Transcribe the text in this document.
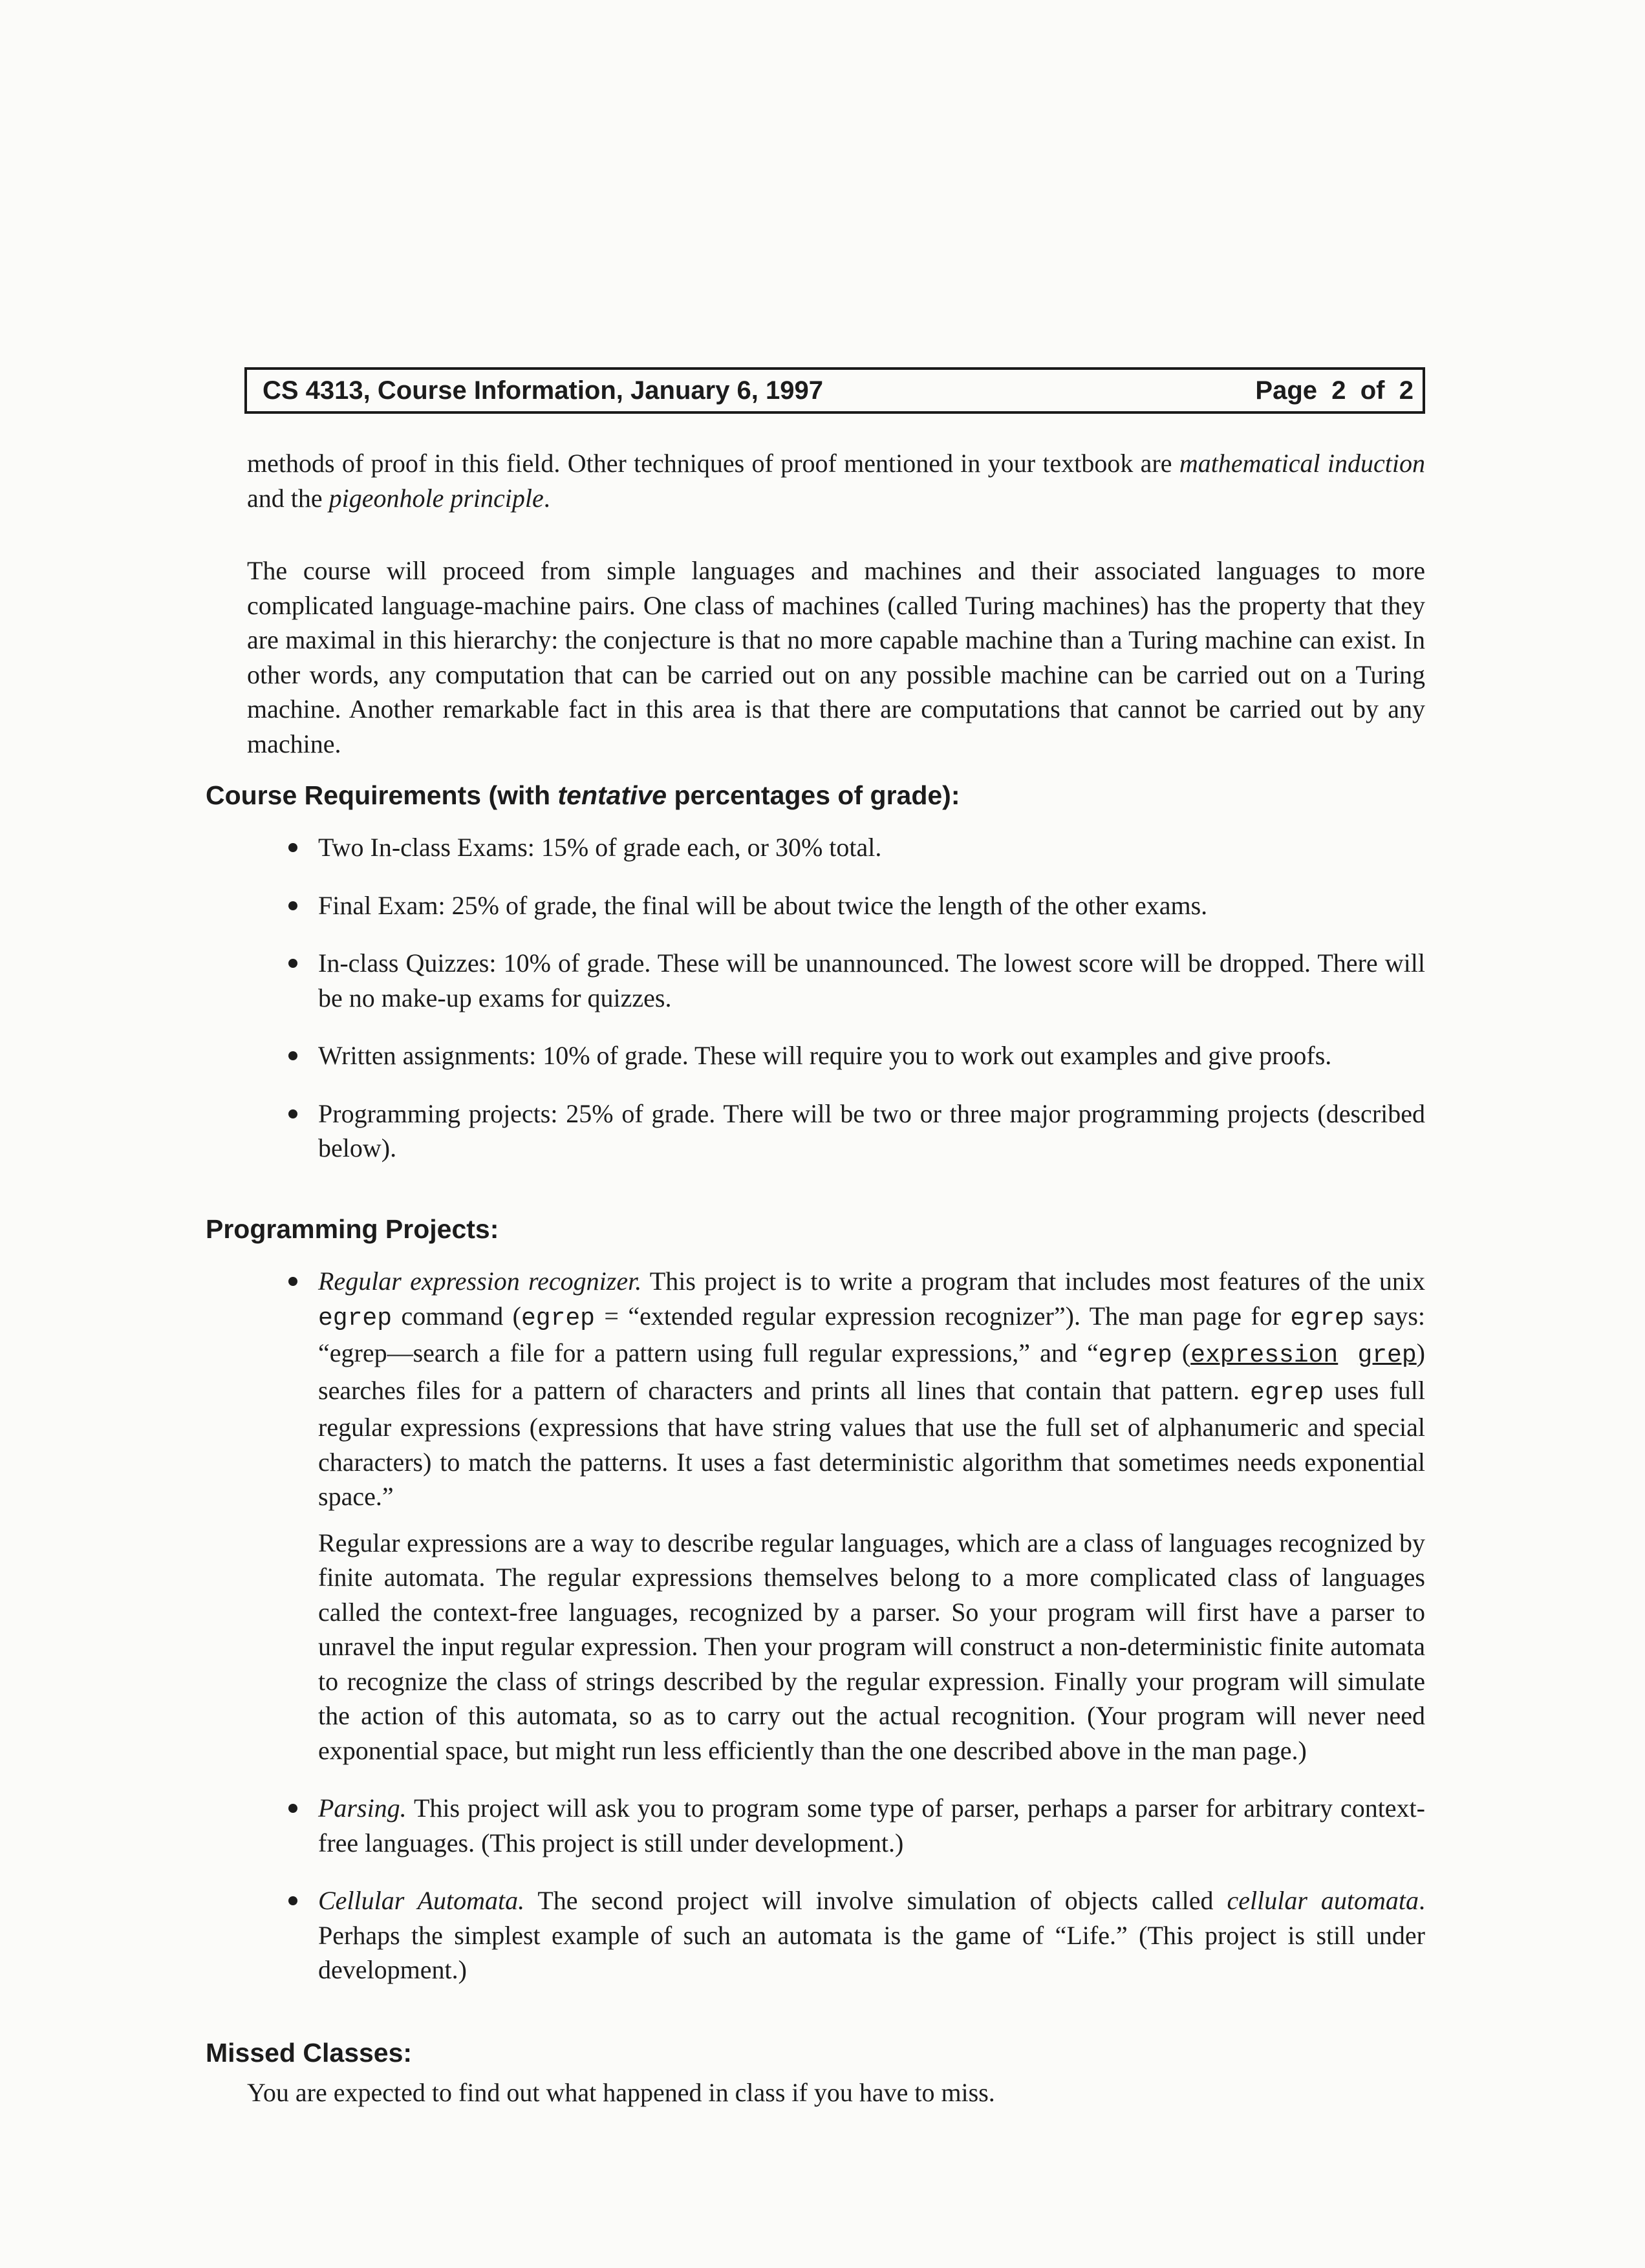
CS 4313, Course Information, January 6, 1997	Page 2 of 2

methods of proof in this field. Other techniques of proof mentioned in your textbook are mathematical induction and the pigeonhole principle.

The course will proceed from simple languages and machines and their associated languages to more complicated language-machine pairs. One class of machines (called Turing machines) has the property that they are maximal in this hierarchy: the conjecture is that no more capable machine than a Turing machine can exist. In other words, any computation that can be carried out on any possible machine can be carried out on a Turing machine. Another remarkable fact in this area is that there are computations that cannot be carried out by any machine.

Course Requirements (with tentative percentages of grade):

Two In-class Exams: 15% of grade each, or 30% total.

Final Exam: 25% of grade, the final will be about twice the length of the other exams.

In-class Quizzes: 10% of grade. These will be unannounced. The lowest score will be dropped. There will be no make-up exams for quizzes.

Written assignments: 10% of grade. These will require you to work out examples and give proofs.

Programming projects: 25% of grade. There will be two or three major programming projects (described below).

Programming Projects:

Regular expression recognizer. This project is to write a program that includes most features of the unix egrep command (egrep = “extended regular expression recognizer”). The man page for egrep says: “egrep—search a file for a pattern using full regular expressions,” and “egrep (expression grep) searches files for a pattern of characters and prints all lines that contain that pattern. egrep uses full regular expressions (expressions that have string values that use the full set of alphanumeric and special characters) to match the patterns. It uses a fast deterministic algorithm that sometimes needs exponential space.”

Regular expressions are a way to describe regular languages, which are a class of languages recognized by finite automata. The regular expressions themselves belong to a more complicated class of languages called the context-free languages, recognized by a parser. So your program will first have a parser to unravel the input regular expression. Then your program will construct a non-deterministic finite automata to recognize the class of strings described by the regular expression. Finally your program will simulate the action of this automata, so as to carry out the actual recognition. (Your program will never need exponential space, but might run less efficiently than the one described above in the man page.)

Parsing. This project will ask you to program some type of parser, perhaps a parser for arbitrary context-free languages. (This project is still under development.)

Cellular Automata. The second project will involve simulation of objects called cellular automata. Perhaps the simplest example of such an automata is the game of “Life.” (This project is still under development.)

Missed Classes:
You are expected to find out what happened in class if you have to miss.
